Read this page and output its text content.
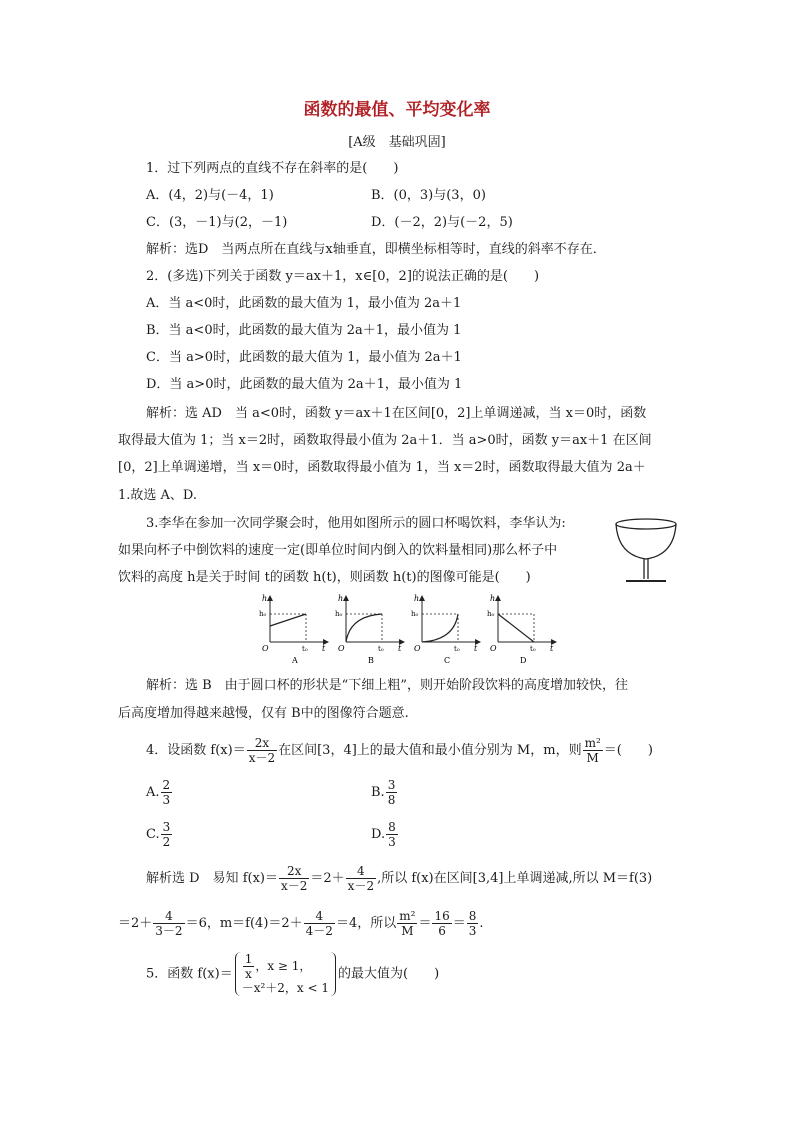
函数的最值、平均变化率
[A级　基础巩固]
1．过下列两点的直线不存在斜率的是(　　)
A．(4，2)与(－4，1)	B．(0，3)与(3，0)
C．(3，－1)与(2，－1)	D．(－2，2)与(－2，5)
解析：选D　当两点所在直线与x轴垂直，即横坐标相等时，直线的斜率不存在．
2．(多选)下列关于函数 y＝ax＋1，x∈[0，2]的说法正确的是(　　)
A．当 a<0时，此函数的最大值为 1，最小值为 2a＋1
B．当 a<0时，此函数的最大值为 2a＋1，最小值为 1
C．当 a>0时，此函数的最大值为 1，最小值为 2a＋1
D．当 a>0时，此函数的最大值为 2a＋1，最小值为 1
解析：选 AD　当 a<0时，函数 y＝ax＋1在区间[0，2]上单调递减，当 x＝0时，函数
取得最大值为 1；当 x＝2时，函数取得最小值为 2a＋1．当 a>0时，函数 y＝ax＋1 在区间
[0，2]上单调递增，当 x＝0时，函数取得最小值为 1，当 x＝2时，函数取得最大值为 2a＋
1.故选 A、D.
3.李华在参加一次同学聚会时，他用如图所示的圆口杯喝饮料，李华认为:
如果向杯子中倒饮料的速度一定(即单位时间内倒入的饮料量相同)那么杯子中
饮料的高度 h是关于时间 t的函数 h(t)，则函数 h(t)的图像可能是(　　)
h
h₀
O	t₀ t
A
h
h₀
O	t₀ t
B
h
h₀
O	t₀ t
C
h
h₀
O	t₀ t
D
解析：选 B　由于圆口杯的形状是“下细上粗”，则开始阶段饮料的高度增加较快，往
后高度增加得越来越慢，仅有 B中的图像符合题意.
4．设函数 $f(x)= \frac{2x}{x-2}$ 在区间[3，4]上的最大值和最小值分别为 M，m，则 $\frac{\text{m²}}{M}$ ＝(　　)
A. $\frac{2}{3}$	B. $\frac{3}{8}$
C. $\frac{3}{2}$	D. $\frac{8}{3}$
解析选 D　易知 $f(x)= \frac{2x}{x-2} =2+ \frac{4}{x-2}$ ,所以 f(x)在区间[3,4]上单调递减,所以 M＝f(3)
$=2+ \frac{4}{3-2} =6$，$m=f(4)=2+ \frac{4}{4-2} =4$，所以 $\frac{\text{m²}}{M} = \frac{16}{6} = \frac{8}{3}$ .
5．函数 $f(x)= \frac{1}{x}$ ，x ≥ 1，
－x²＋2，x < 1
的最大值为(　　)
